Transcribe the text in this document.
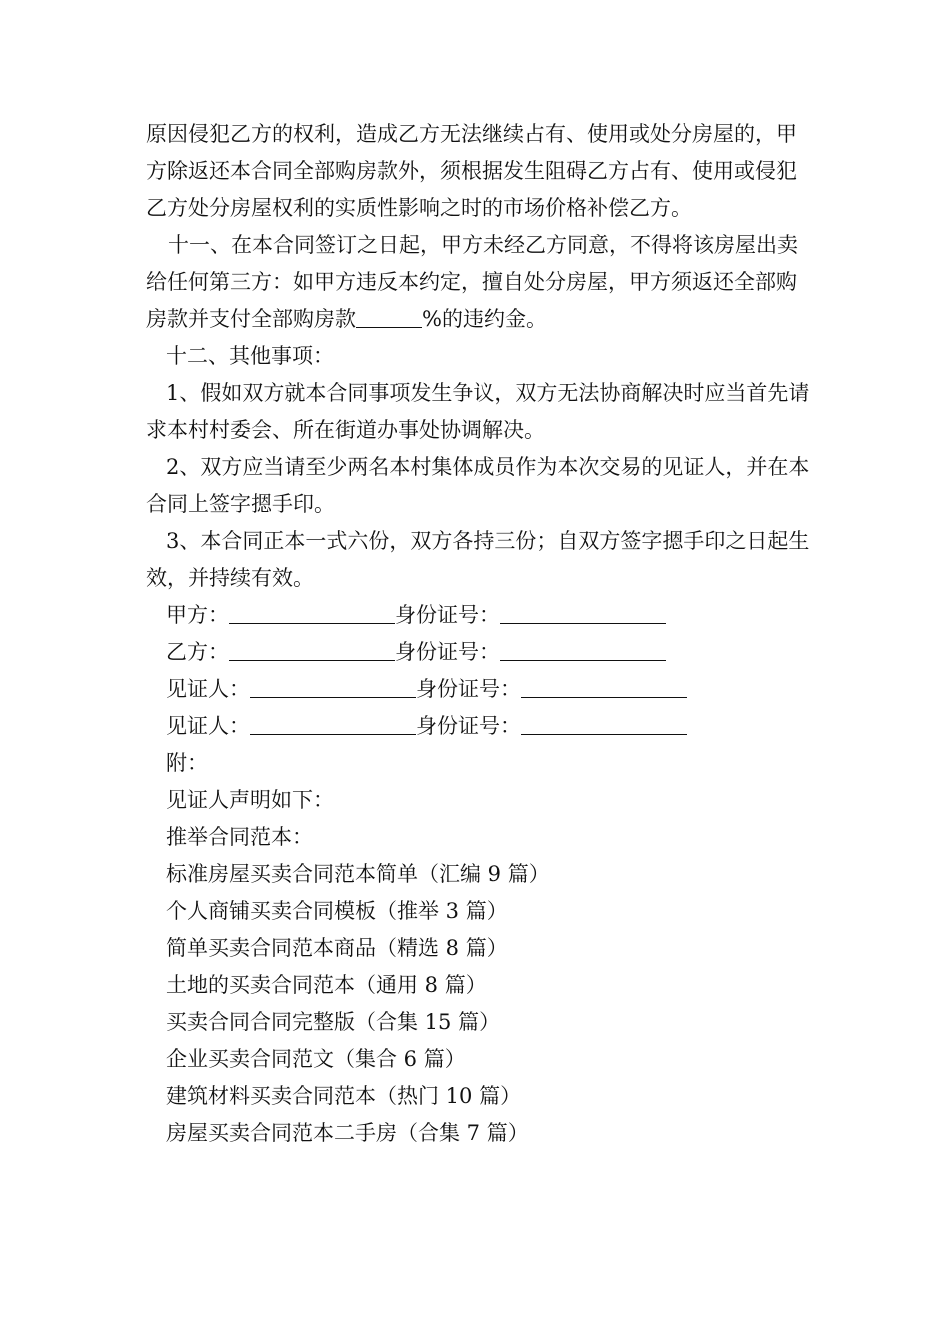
原因侵犯乙方的权利，造成乙方无法继续占有、使用或处分房屋的，甲方除返还本合同全部购房款外，须根据发生阻碍乙方占有、使用或侵犯乙方处分房屋权利的实质性影响之时的市场价格补偿乙方。

十一、在本合同签订之日起，甲方未经乙方同意，不得将该房屋出卖给任何第三方：如甲方违反本约定，擅自处分房屋，甲方须返还全部购房款并支付全部购房款	%的违约金。

十二、其他事项：

1、假如双方就本合同事项发生争议，双方无法协商解决时应当首先请求本村村委会、所在街道办事处协调解决。

2、双方应当请至少两名本村集体成员作为本次交易的见证人，并在本合同上签字摁手印。

3、本合同正本一式六份，双方各持三份；自双方签字摁手印之日起生效，并持续有效。

甲方：	身份证号：

乙方：	身份证号：

见证人：	身份证号：

见证人：	身份证号：

附：

见证人声明如下：

推举合同范本：

标准房屋买卖合同范本简单（汇编 9 篇）

个人商铺买卖合同模板（推举 3 篇）

简单买卖合同范本商品（精选 8 篇）

土地的买卖合同范本（通用 8 篇）

买卖合同合同完整版（合集 15 篇）

企业买卖合同范文（集合 6 篇）

建筑材料买卖合同范本（热门 10 篇）

房屋买卖合同范本二手房（合集 7 篇）
